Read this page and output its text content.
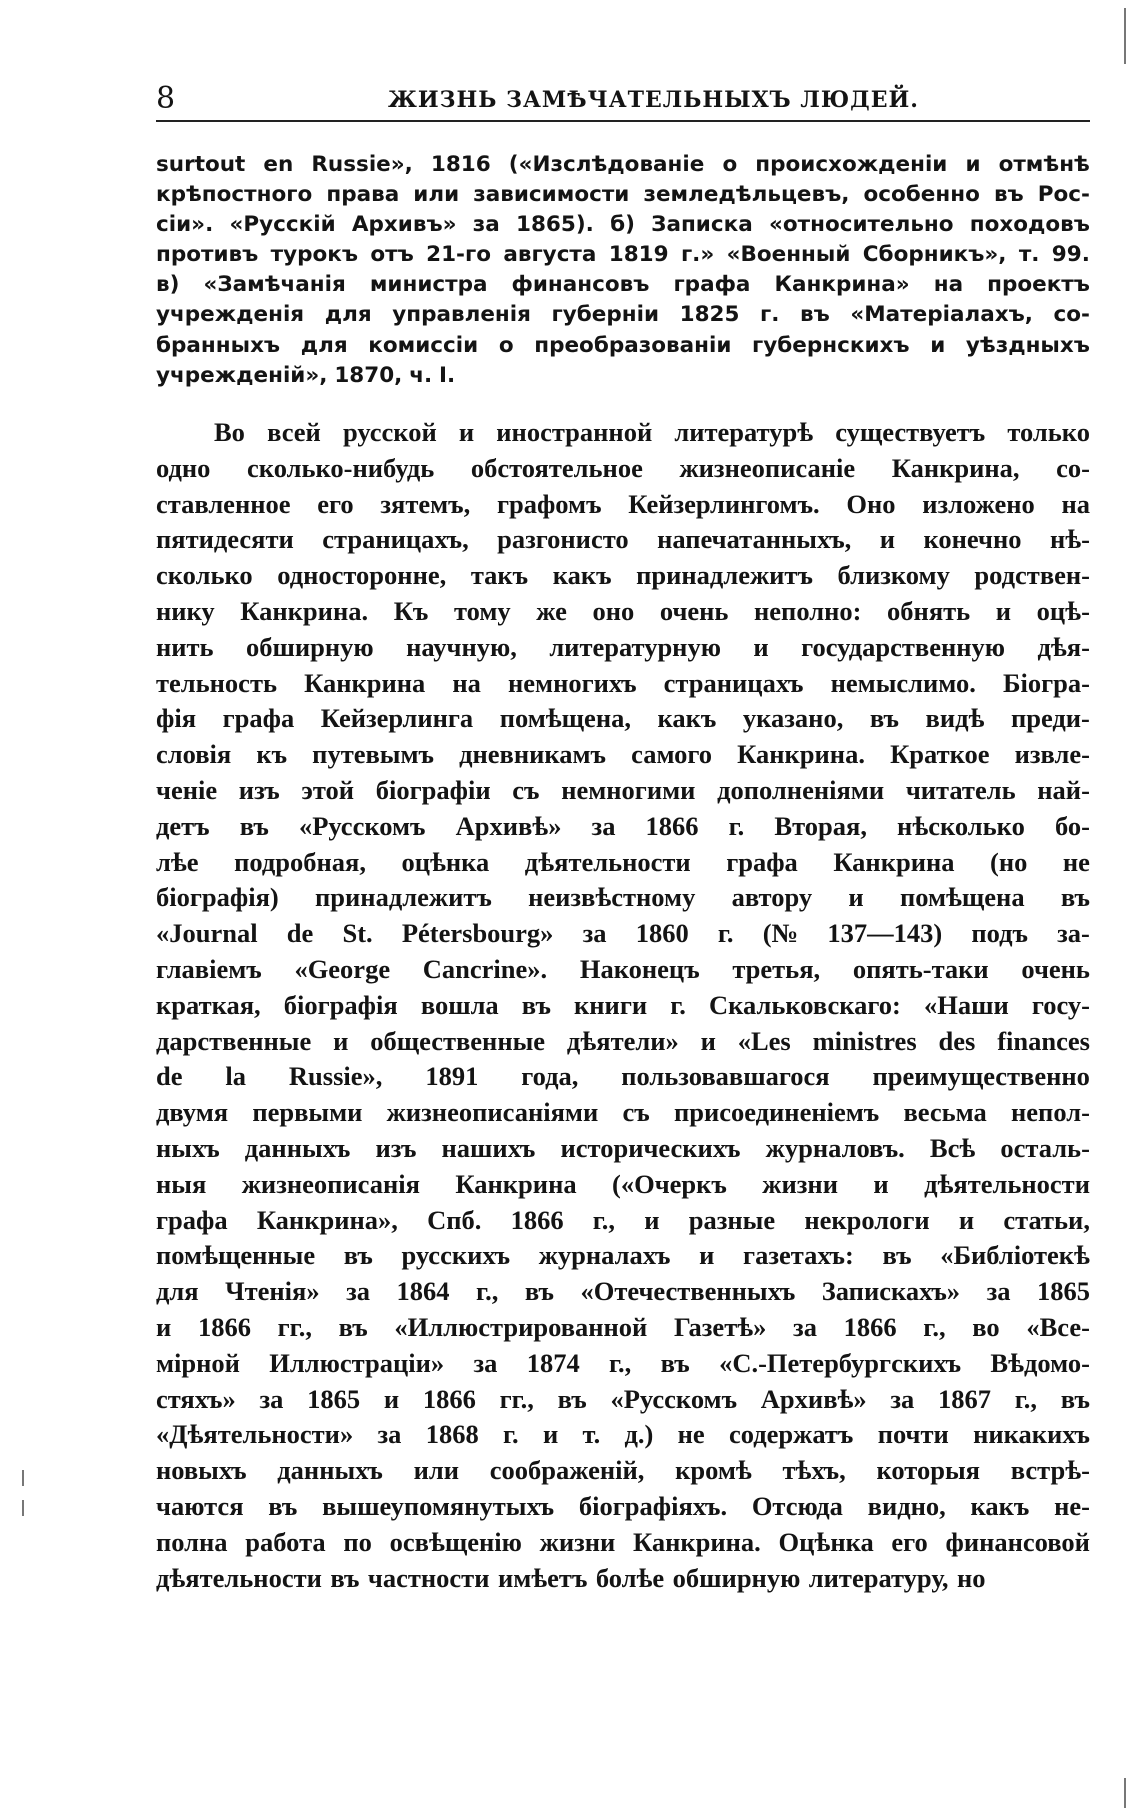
8	ЖИЗНЬ ЗАМѢЧАТЕЛЬНЫХЪ ЛЮДЕЙ.
surtout en Russie», 1816 («Изслѣдованіе о происхожденіи и отмѣнѣ
крѣпостного права или зависимости земледѣльцевъ, особенно въ Рос-
сіи». «Русскій Архивъ» за 1865). б) Записка «относительно походовъ
противъ турокъ отъ 21-го августа 1819 г.» «Военный Сборникъ», т. 99.
в) «Замѣчанія министра финансовъ графа Канкрина» на проектъ
учрежденія для управленія губерніи 1825 г. въ «Матеріалахъ, со-
бранныхъ для комиссіи о преобразованіи губернскихъ и уѣздныхъ
учрежденій», 1870, ч. I.
Во всей русской и иностранной литературѣ существуетъ только
одно сколько-нибудь обстоятельное жизнеописаніе Канкрина, со-
ставленное его зятемъ, графомъ Кейзерлингомъ. Оно изложено на
пятидесяти страницахъ, разгонисто напечатанныхъ, и конечно нѣ-
сколько односторонне, такъ какъ принадлежитъ близкому родствен-
нику Канкрина. Къ тому же оно очень неполно: обнять и оцѣ-
нить обширную научную, литературную и государственную дѣя-
тельность Канкрина на немногихъ страницахъ немыслимо. Біогра-
фія графа Кейзерлинга помѣщена, какъ указано, въ видѣ преди-
словія къ путевымъ дневникамъ самого Канкрина. Краткое извле-
ченіе изъ этой біографіи съ немногими дополненіями читатель най-
детъ въ «Русскомъ Архивѣ» за 1866 г. Вторая, нѣсколько бо-
лѣе подробная, оцѣнка дѣятельности графа Канкрина (но не
біографія) принадлежитъ неизвѣстному автору и помѣщена въ
«Journal de St. Pétersbourg» за 1860 г. (№ 137—143) подъ за-
главіемъ «George Cancrine». Наконецъ третья, опять-таки очень
краткая, біографія вошла въ книги г. Скальковскаго: «Наши госу-
дарственные и общественные дѣятели» и «Les ministres des finances
de la Russie», 1891 года, пользовавшагося преимущественно
двумя первыми жизнеописаніями съ присоединеніемъ весьма непол-
ныхъ данныхъ изъ нашихъ историческихъ журналовъ. Всѣ осталь-
ныя жизнеописанія Канкрина («Очеркъ жизни и дѣятельности
графа Канкрина», Спб. 1866 г., и разные некрологи и статьи,
помѣщенные въ русскихъ журналахъ и газетахъ: въ «Библіотекѣ
для Чтенія» за 1864 г., въ «Отечественныхъ Запискахъ» за 1865
и 1866 гг., въ «Иллюстрированной Газетѣ» за 1866 г., во «Все-
мірной Иллюстраціи» за 1874 г., въ «С.-Петербургскихъ Вѣдомо-
стяхъ» за 1865 и 1866 гг., въ «Русскомъ Архивѣ» за 1867 г., въ
«Дѣятельности» за 1868 г. и т. д.) не содержатъ почти никакихъ
новыхъ данныхъ или соображеній, кромѣ тѣхъ, которыя встрѣ-
чаются въ вышеупомянутыхъ біографіяхъ. Отсюда видно, какъ не-
полна работа по освѣщенію жизни Канкрина. Оцѣнка его финансовой
дѣятельности въ частности имѣетъ болѣе обширную литературу, но
